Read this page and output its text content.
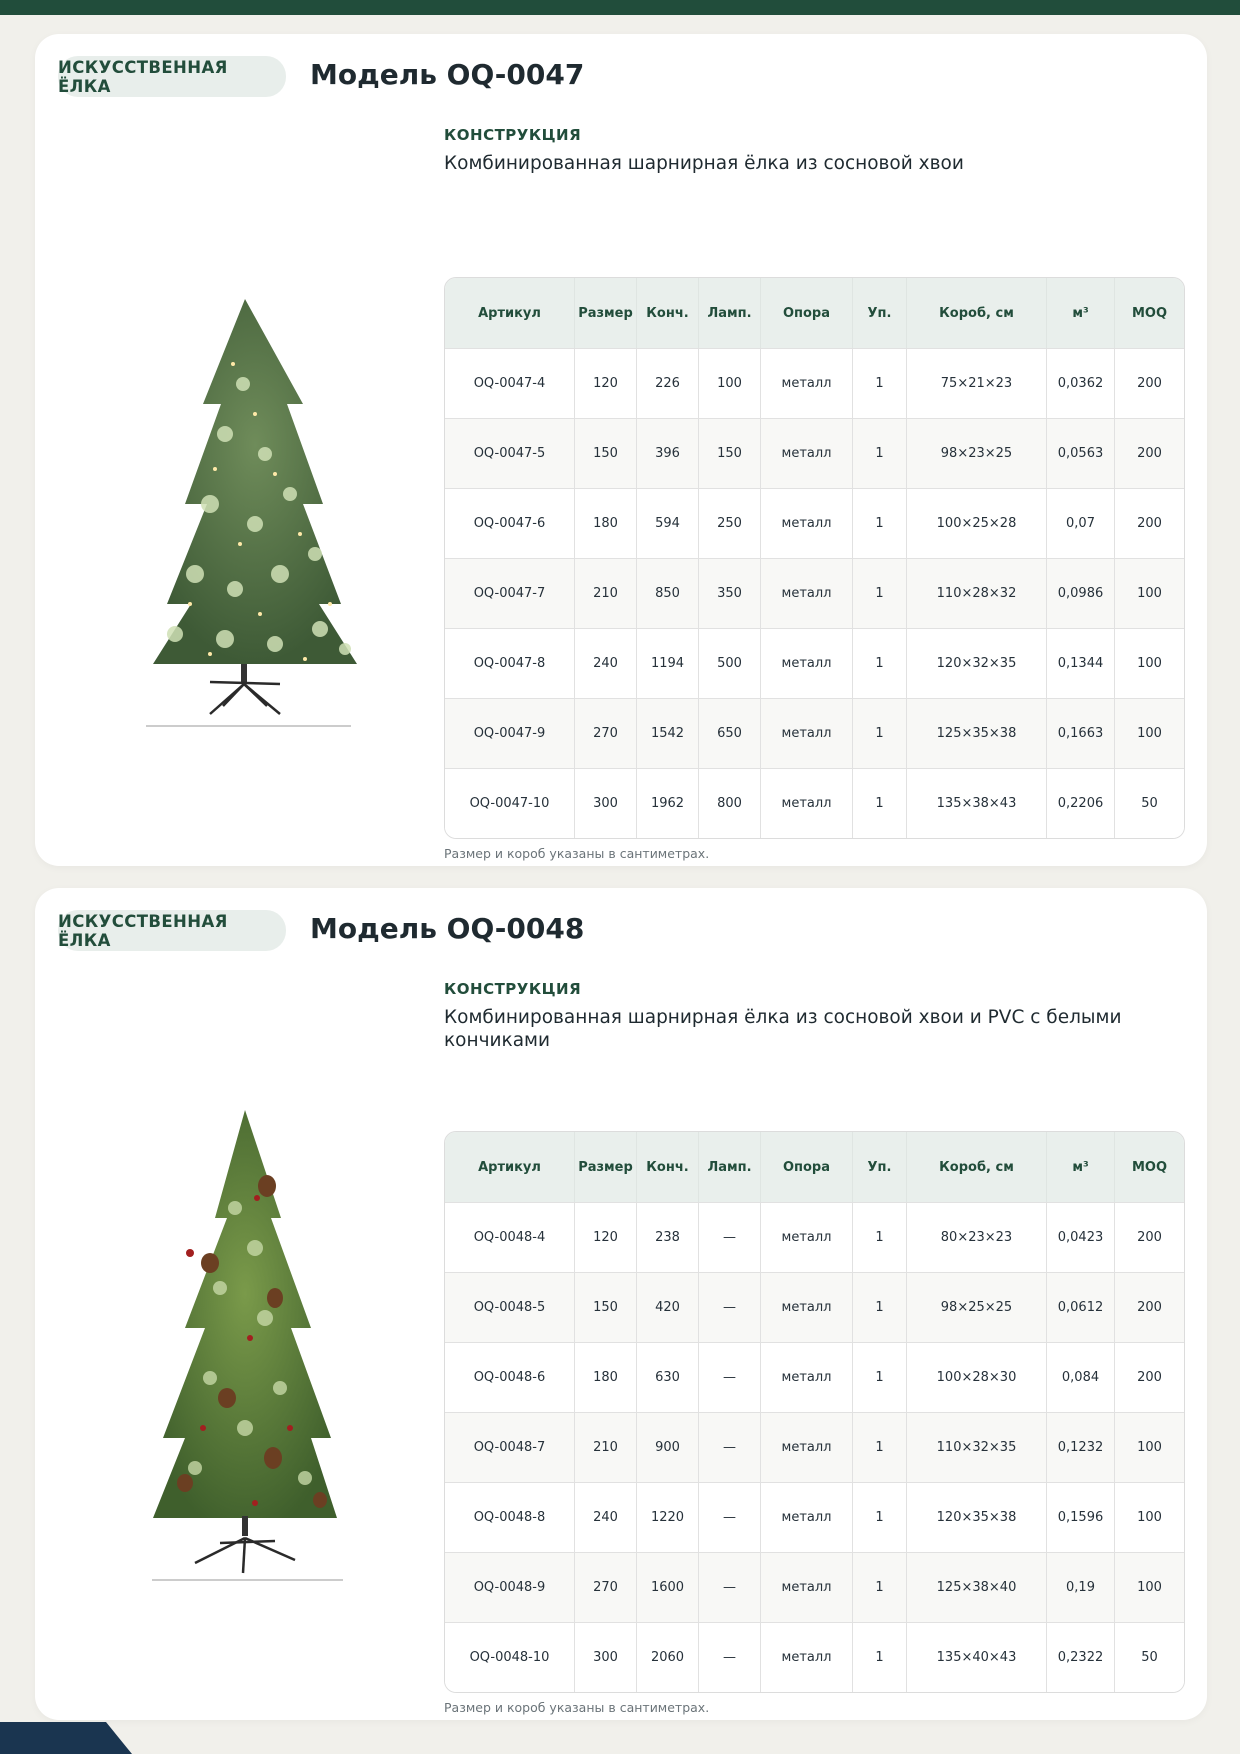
ИСКУССТВЕННАЯ ЁЛКА	Модель OQ-0047
КОНСТРУКЦИЯ
Комбинированная шарнирная ёлка из сосновой хвои
Артикул	Размер	Конч.	Ламп.	Опора	Уп.	Короб, см	м³	MOQ
OQ-0047-4	120	226	100	металл	1	75×21×23	0,0362	200
OQ-0047-5	150	396	150	металл	1	98×23×25	0,0563	200
OQ-0047-6	180	594	250	металл	1	100×25×28	0,07	200
OQ-0047-7	210	850	350	металл	1	110×28×32	0,0986	100
OQ-0047-8	240	1194	500	металл	1	120×32×35	0,1344	100
OQ-0047-9	270	1542	650	металл	1	125×35×38	0,1663	100
OQ-0047-10	300	1962	800	металл	1	135×38×43	0,2206	50
Размер и короб указаны в сантиметрах.
ИСКУССТВЕННАЯ ЁЛКА	Модель OQ-0048
КОНСТРУКЦИЯ
Комбинированная шарнирная ёлка из сосновой хвои и PVC с белыми кончиками
Артикул	Размер	Конч.	Ламп.	Опора	Уп.	Короб, см	м³	MOQ
OQ-0048-4	120	238	—	металл	1	80×23×23	0,0423	200
OQ-0048-5	150	420	—	металл	1	98×25×25	0,0612	200
OQ-0048-6	180	630	—	металл	1	100×28×30	0,084	200
OQ-0048-7	210	900	—	металл	1	110×32×35	0,1232	100
OQ-0048-8	240	1220	—	металл	1	120×35×38	0,1596	100
OQ-0048-9	270	1600	—	металл	1	125×38×40	0,19	100
OQ-0048-10	300	2060	—	металл	1	135×40×43	0,2322	50
Размер и короб указаны в сантиметрах.
